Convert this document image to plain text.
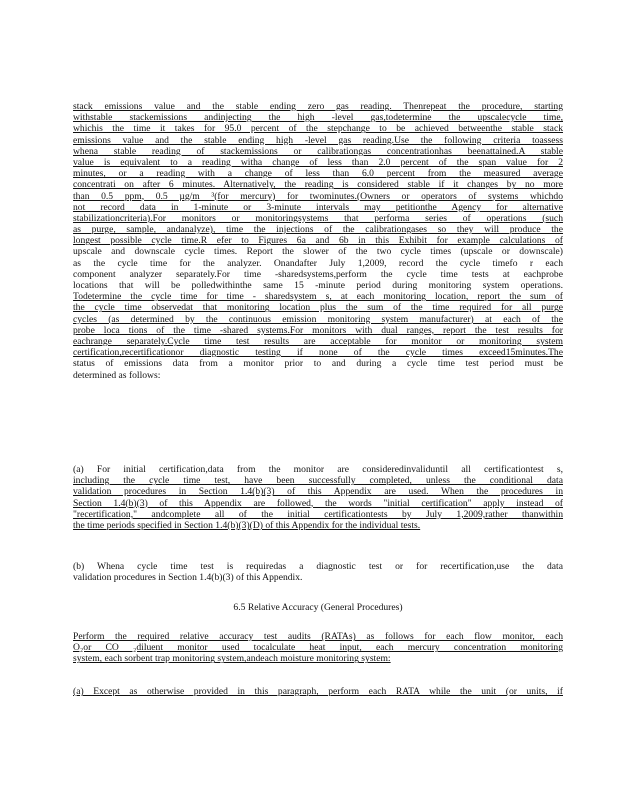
stack emissions value and the stable ending zero gas reading. Thenrepeat the procedure, starting
withstable stackemissions andinjecting the high -level gas,todetermine the upscalecycle time,
whichis the time it takes for 95.0 percent of the stepchange to be achieved betweenthe stable stack
emissions value and the stable ending high -level gas reading.Use the following criteria toassess
whena stable reading of stackemissions or calibrationgas concentrationhas beenattained.A stable
value is equivalent to a reading witha change of less than 2.0 percent of the span value for 2
minutes, or a reading with a change of less than 6.0 percent from the measured average
concentrati on after 6 minutes. Alternatively, the reading is considered stable if it changes by no more
than 0.5 ppm, 0.5 µg/m ³(for mercury) for twominutes.(Owners or operators of systems whichdo
not record data in 1-minute or 3-minute intervals may petitionthe Agency for alternative
stabilizationcriteria).For monitors or monitoringsystems that performa series of operations (such
as purge, sample, andanalyze), time the injections of the calibrationgases so they will produce the
longest possible cycle time.R efer to Figures 6a and 6b in this Exhibit for example calculations of
upscale and downscale cycle times. Report the slower of the two cycle times (upscale or downscale)
as the cycle time for the analyzer. Onandafter July 1,2009, record the cycle timefo r each
component analyzer separately.For time -sharedsystems,perform the cycle time tests at eachprobe
locations that will be polledwithinthe same 15 -minute period during monitoring system operations.
Todetermine the cycle time for time - sharedsystem s, at each monitoring location, report the sum of
the cycle time observedat that monitoring location plus the sum of the time required for all purge
cycles (as determined by the continuous emission monitoring system manufacturer) at each of the
probe loca tions of the time -shared systems.For monitors with dual ranges, report the test results for
eachrange separately.Cycle time test results are acceptable for monitor or monitoring system
certification,recertificationor diagnostic testing if none of the cycle times exceed15minutes.The
status of emissions data from a monitor prior to and during a cycle time test period must be
determined as follows:
(a) For initial certification,data from the monitor are consideredinvaliduntil all certificationtest s,
including the cycle time test, have been successfully completed, unless the conditional data
validation procedures in Section 1.4(b)(3) of this Appendix are used. When the procedures in
Section 1.4(b)(3) of this Appendix are followed, the words "initial certification" apply instead of
"recertification," andcomplete all of the initial certificationtests by July 1,2009,rather thanwithin
the time periods specified in Section 1.4(b)(3)(D) of this Appendix for the individual tests.
(b) Whena cycle time test is requiredas a diagnostic test or for recertification,use the data
validation procedures in Section 1.4(b)(3) of this Appendix.
6.5 Relative Accuracy (General Procedures)
Perform the required relative accuracy test audits (RATAs) as follows for each flow monitor, each
O₂or CO ₂diluent monitor used tocalculate heat input, each mercury concentration monitoring
system, each sorbent trap monitoring system,andeach moisture monitoring system:
(a) Except as otherwise provided in this paragraph, perform each RATA while the unit (or units, if
